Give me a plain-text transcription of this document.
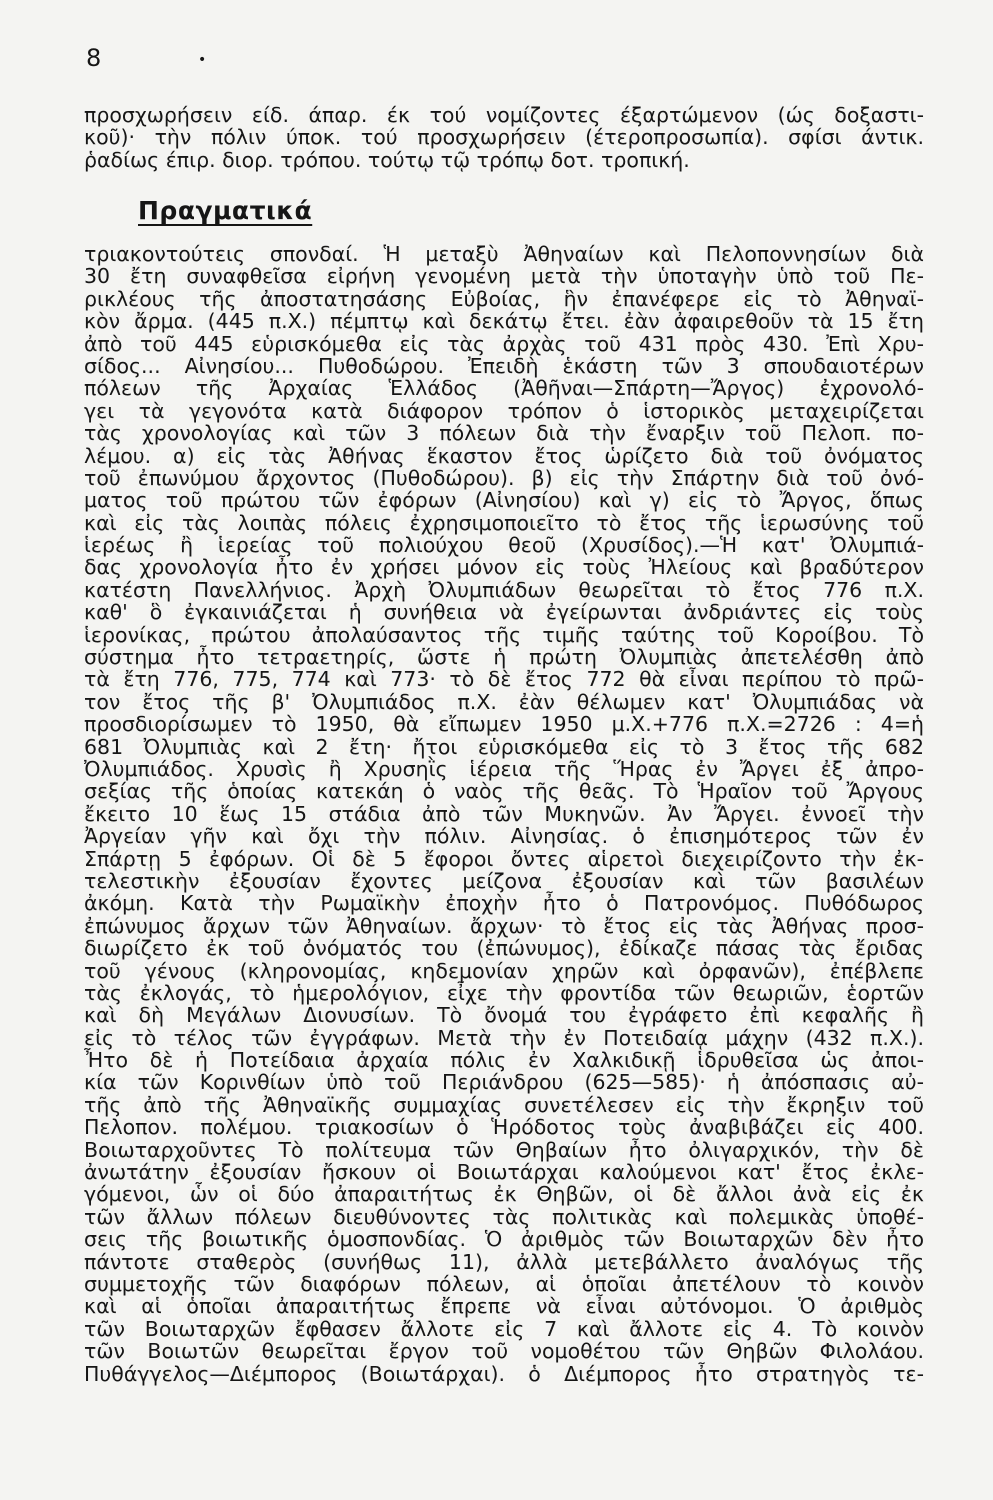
8	•
προσχωρήσειν είδ. άπαρ. έκ τού νομίζοντες έξαρτώμενον (ώς δοξαστι-
κοῦ)· τὴν πόλιν ύποκ. τού προσχωρήσειν (έτεροπροσωπία). σφίσι άντικ.
ῥαδίως έπιρ. διορ. τρόπου. τούτῳ τῷ τρόπῳ δοτ. τροπική.
Πραγματικά
τριακοντούτεις σπονδαί. Ἡ μεταξὺ Ἀθηναίων καὶ Πελοποννησίων διὰ
30 ἔτη συναφθεῖσα εἰρήνη γενομένη μετὰ τὴν ὑποταγὴν ὑπὸ τοῦ Πε-
ρικλέους τῆς ἀποστατησάσης Εὐβοίας, ἣν ἐπανέφερε εἰς τὸ Ἀθηναϊ-
κὸν ἄρμα. (445 π.Χ.) πέμπτῳ καὶ δεκάτῳ ἔτει. ἐὰν ἀφαιρεθοῦν τὰ 15 ἔτη
ἀπὸ τοῦ 445 εὑρισκόμεθα εἰς τὰς ἀρχὰς τοῦ 431 πρὸς 430. Ἐπὶ Χρυ-
σίδος... Αἰνησίου... Πυθοδώρου. Ἐπειδὴ ἑκάστη τῶν 3 σπουδαιοτέρων
πόλεων τῆς Ἀρχαίας Ἑλλάδος (Ἀθῆναι—Σπάρτη—Ἄργος) ἐχρονολό-
γει τὰ γεγονότα κατὰ διάφορον τρόπον ὁ ἱστορικὸς μεταχειρίζεται
τὰς χρονολογίας καὶ τῶν 3 πόλεων διὰ τὴν ἔναρξιν τοῦ Πελοπ. πο-
λέμου. α) εἰς τὰς Ἀθήνας ἕκαστον ἔτος ὡρίζετο διὰ τοῦ ὀνόματος
τοῦ ἐπωνύμου ἄρχοντος (Πυθοδώρου). β) εἰς τὴν Σπάρτην διὰ τοῦ ὀνό-
ματος τοῦ πρώτου τῶν ἐφόρων (Αἰνησίου) καὶ γ) εἰς τὸ Ἄργος, ὅπως
καὶ εἰς τὰς λοιπὰς πόλεις ἐχρησιμοποιεῖτο τὸ ἔτος τῆς ἱερωσύνης τοῦ
ἱερέως ἢ ἱερείας τοῦ πολιούχου θεοῦ (Χρυσίδος).—Ἡ κατ' Ὀλυμπιά-
δας χρονολογία ἦτο ἐν χρήσει μόνον εἰς τοὺς Ἠλείους καὶ βραδύτερον
κατέστη Πανελλήνιος. Ἀρχὴ Ὀλυμπιάδων θεωρεῖται τὸ ἔτος 776 π.Χ.
καθ' ὃ ἐγκαινιάζεται ἡ συνήθεια νὰ ἐγείρωνται ἀνδριάντες εἰς τοὺς
ἱερονίκας, πρώτου ἀπολαύσαντος τῆς τιμῆς ταύτης τοῦ Κοροίβου. Τὸ
σύστημα ἦτο τετραετηρίς, ὥστε ἡ πρώτη Ὀλυμπιὰς ἀπετελέσθη ἀπὸ
τὰ ἔτη 776, 775, 774 καὶ 773· τὸ δὲ ἔτος 772 θὰ εἶναι περίπου τὸ πρῶ-
τον ἔτος τῆς β' Ὀλυμπιάδος π.Χ. ἐὰν θέλωμεν κατ' Ὀλυμπιάδας νὰ
προσδιορίσωμεν τὸ 1950, θὰ εἴπωμεν 1950 μ.Χ.+776 π.Χ.=2726 : 4=ἡ
681 Ὀλυμπιὰς καὶ 2 ἔτη· ἤτοι εὑρισκόμεθα εἰς τὸ 3 ἔτος τῆς 682
Ὀλυμπιάδος. Χρυσὶς ἢ Χρυσηῒς ἱέρεια τῆς Ἥρας ἐν Ἄργει ἐξ ἀπρο-
σεξίας τῆς ὁποίας κατεκάη ὁ ναὸς τῆς θεᾶς. Τὸ Ἡραῖον τοῦ Ἄργους
ἔκειτο 10 ἕως 15 στάδια ἀπὸ τῶν Μυκηνῶν. Ἀν Ἄργει. ἐννοεῖ τὴν
Ἀργείαν γῆν καὶ ὄχι τὴν πόλιν. Αἰνησίας. ὁ ἐπισημότερος τῶν ἐν
Σπάρτῃ 5 ἐφόρων. Οἱ δὲ 5 ἔφοροι ὄντες αἱρετοὶ διεχειρίζοντο τὴν ἐκ-
τελεστικὴν ἐξουσίαν ἔχοντες μείζονα ἐξουσίαν καὶ τῶν βασιλέων
ἀκόμη. Κατὰ τὴν Ρωμαϊκὴν ἐποχὴν ἦτο ὁ Πατρονόμος. Πυθόδωρος
ἐπώνυμος ἄρχων τῶν Ἀθηναίων. ἄρχων· τὸ ἔτος εἰς τὰς Ἀθήνας προσ-
διωρίζετο ἐκ τοῦ ὀνόματός του (ἐπώνυμος), ἐδίκαζε πάσας τὰς ἔριδας
τοῦ γένους (κληρονομίας, κηδεμονίαν χηρῶν καὶ ὀρφανῶν), ἐπέβλεπε
τὰς ἐκλογάς, τὸ ἡμερολόγιον, εἶχε τὴν φροντίδα τῶν θεωριῶν, ἑορτῶν
καὶ δὴ Μεγάλων Διονυσίων. Τὸ ὄνομά του ἐγράφετο ἐπὶ κεφαλῆς ἢ
εἰς τὸ τέλος τῶν ἐγγράφων. Μετὰ τὴν ἐν Ποτειδαίᾳ μάχην (432 π.Χ.).
Ἦτο δὲ ἡ Ποτείδαια ἀρχαία πόλις ἐν Χαλκιδικῇ ἱδρυθεῖσα ὡς ἀποι-
κία τῶν Κορινθίων ὑπὸ τοῦ Περιάνδρου (625—585)· ἡ ἀπόσπασις αὐ-
τῆς ἀπὸ τῆς Ἀθηναϊκῆς συμμαχίας συνετέλεσεν εἰς τὴν ἔκρηξιν τοῦ
Πελοπον. πολέμου. τριακοσίων ὁ Ἡρόδοτος τοὺς ἀναβιβάζει εἰς 400.
Βοιωταρχοῦντες Τὸ πολίτευμα τῶν Θηβαίων ἦτο ὀλιγαρχικόν, τὴν δὲ
ἀνωτάτην ἐξουσίαν ἤσκουν οἱ Βοιωτάρχαι καλούμενοι κατ' ἔτος ἐκλε-
γόμενοι, ὧν οἱ δύο ἀπαραιτήτως ἐκ Θηβῶν, οἱ δὲ ἄλλοι ἀνὰ εἰς ἐκ
τῶν ἄλλων πόλεων διευθύνοντες τὰς πολιτικὰς καὶ πολεμικὰς ὑποθέ-
σεις τῆς βοιωτικῆς ὁμοσπονδίας. Ὁ ἀριθμὸς τῶν Βοιωταρχῶν δὲν ἦτο
πάντοτε σταθερὸς (συνήθως 11), ἀλλὰ μετεβάλλετο ἀναλόγως τῆς
συμμετοχῆς τῶν διαφόρων πόλεων, αἱ ὁποῖαι ἀπετέλουν τὸ κοινὸν
καὶ αἱ ὁποῖαι ἀπαραιτήτως ἔπρεπε νὰ εἶναι αὐτόνομοι. Ὁ ἀριθμὸς
τῶν Βοιωταρχῶν ἔφθασεν ἄλλοτε εἰς 7 καὶ ἄλλοτε εἰς 4. Τὸ κοινὸν
τῶν Βοιωτῶν θεωρεῖται ἔργον τοῦ νομοθέτου τῶν Θηβῶν Φιλολάου.
Πυθάγγελος—Διέμπορος (Βοιωτάρχαι). ὁ Διέμπορος ἦτο στρατηγὸς τε-
